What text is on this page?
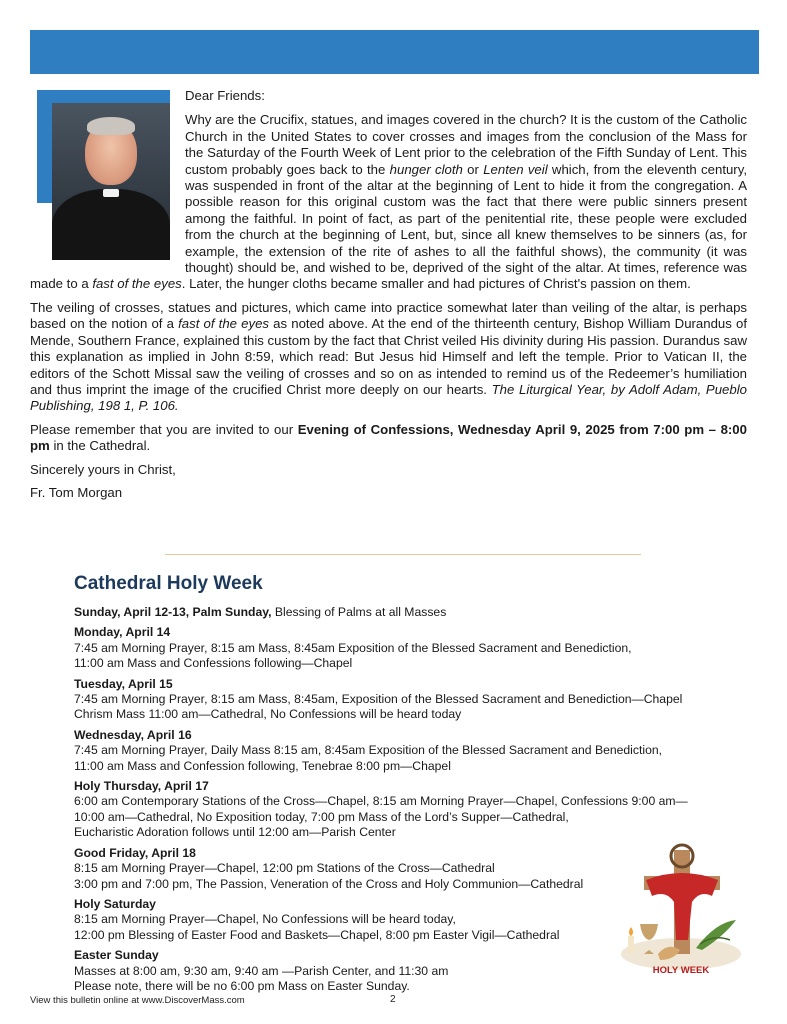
Dear Friends:

Why are the Crucifix, statues, and images covered in the church? It is the custom of the Catholic Church in the United States to cover crosses and images from the conclusion of the Mass for the Saturday of the Fourth Week of Lent prior to the celebration of the Fifth Sunday of Lent. This custom probably goes back to the hunger cloth or Lenten veil which, from the eleventh century, was suspended in front of the altar at the beginning of Lent to hide it from the congregation. A possible reason for this original custom was the fact that there were public sinners present among the faithful. In point of fact, as part of the penitential rite, these people were excluded from the church at the beginning of Lent, but, since all knew themselves to be sinners (as, for example, the extension of the rite of ashes to all the faithful shows), the community (it was thought) should be, and wished to be, deprived of the sight of the altar. At times, reference was made to a fast of the eyes. Later, the hunger cloths became smaller and had pictures of Christ's passion on them.

The veiling of crosses, statues and pictures, which came into practice somewhat later than veiling of the altar, is perhaps based on the notion of a fast of the eyes as noted above. At the end of the thirteenth century, Bishop William Durandus of Mende, Southern France, explained this custom by the fact that Christ veiled His divinity during His passion. Durandus saw this explanation as implied in John 8:59, which read: But Jesus hid Himself and left the temple. Prior to Vatican II, the editors of the Schott Missal saw the veiling of crosses and so on as intended to remind us of the Redeemer’s humiliation and thus imprint the image of the crucified Christ more deeply on our hearts. The Liturgical Year, by Adolf Adam, Pueblo Publishing, 198 1, P. 106.

Please remember that you are invited to our Evening of Confessions, Wednesday April 9, 2025 from 7:00 pm – 8:00 pm in the Cathedral.

Sincerely yours in Christ,

Fr. Tom Morgan

Cathedral Holy Week
Sunday, April 12-13, Palm Sunday, Blessing of Palms at all Masses
Monday, April 14
7:45 am Morning Prayer, 8:15 am Mass, 8:45am Exposition of the Blessed Sacrament and Benediction,
11:00 am Mass and Confessions following—Chapel
Tuesday, April 15
7:45 am Morning Prayer, 8:15 am Mass, 8:45am, Exposition of the Blessed Sacrament and Benediction—Chapel
Chrism Mass 11:00 am—Cathedral, No Confessions will be heard today
Wednesday, April 16
7:45 am Morning Prayer, Daily Mass 8:15 am, 8:45am Exposition of the Blessed Sacrament and Benediction,
11:00 am Mass and Confession following, Tenebrae 8:00 pm—Chapel
Holy Thursday, April 17
6:00 am Contemporary Stations of the Cross—Chapel, 8:15 am Morning Prayer—Chapel, Confessions 9:00 am—
10:00 am—Cathedral, No Exposition today, 7:00 pm Mass of the Lord’s Supper—Cathedral,
Eucharistic Adoration follows until 12:00 am—Parish Center
Good Friday, April 18
8:15 am Morning Prayer—Chapel, 12:00 pm Stations of the Cross—Cathedral
3:00 pm and 7:00 pm, The Passion, Veneration of the Cross and Holy Communion—Cathedral
Holy Saturday
8:15 am Morning Prayer—Chapel, No Confessions will be heard today,
12:00 pm Blessing of Easter Food and Baskets—Chapel, 8:00 pm Easter Vigil—Cathedral
Easter Sunday
Masses at 8:00 am, 9:30 am, 9:40 am —Parish Center, and 11:30 am
Please note, there will be no 6:00 pm Mass on Easter Sunday.
HOLY WEEK
View this bulletin online at www.DiscoverMass.com	2
